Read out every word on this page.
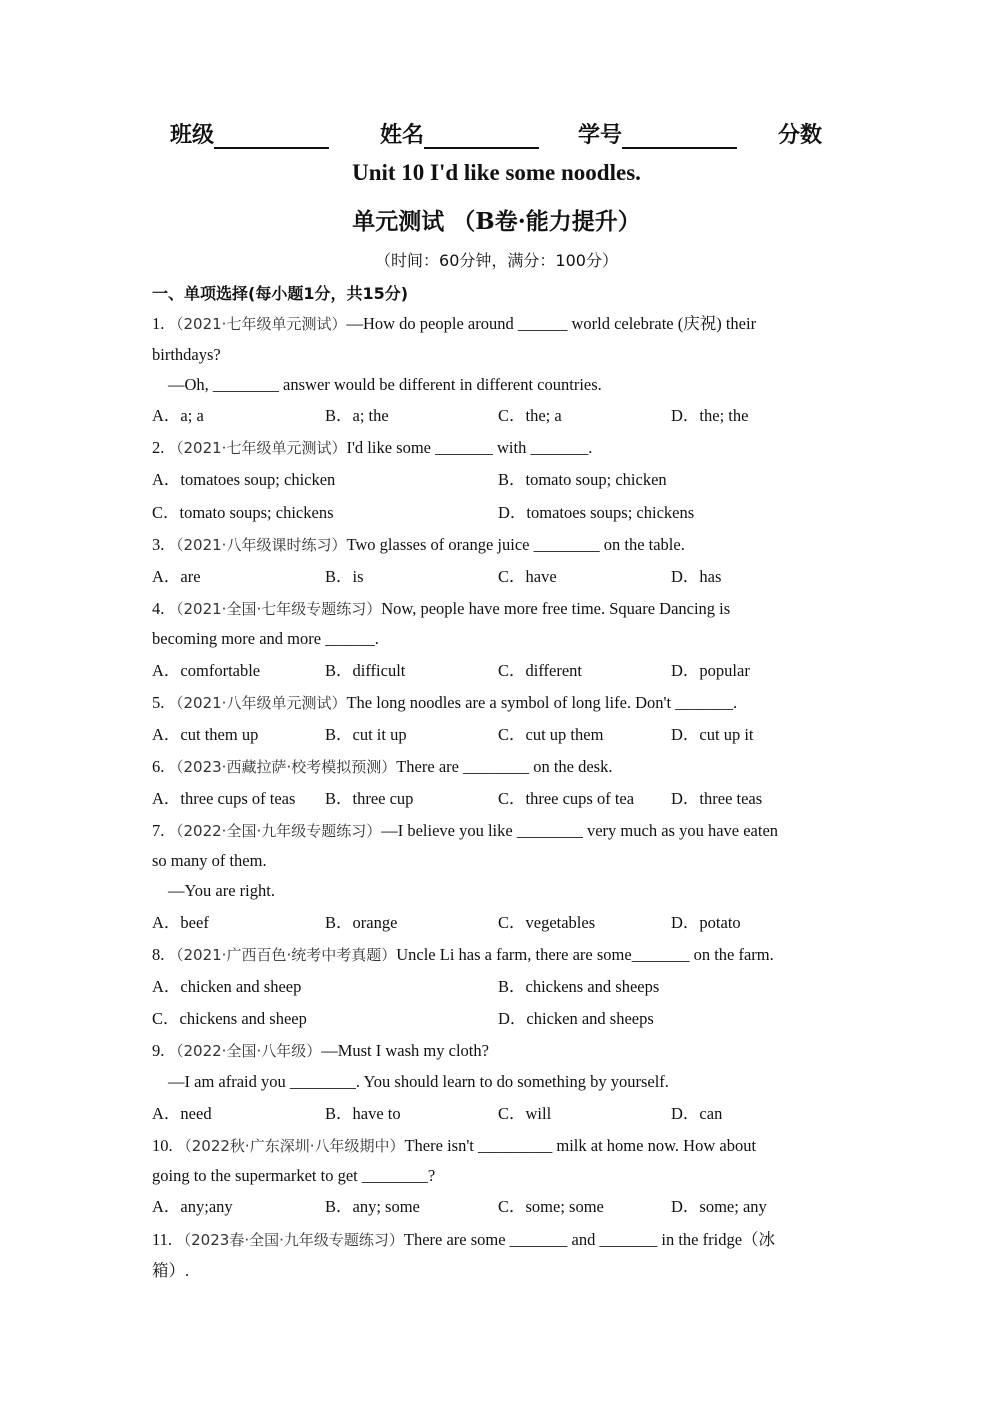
班级	姓名	学号	分数
Unit 10 I'd like some noodles.
单元测试 （B卷·能力提升）
（时间：60分钟，满分：100分）
一、单项选择(每小题1分，共15分)
1. （2021·七年级单元测试）—How do people around ______ world celebrate (庆祝) their
birthdays?
—Oh, ________ answer would be different in different countries.
A．a; a	B．a; the	C．the; a	D．the; the
2. （2021·七年级单元测试）I'd like some _______ with _______.
A．tomatoes soup; chicken	B．tomato soup; chicken
C．tomato soups; chickens	D．tomatoes soups; chickens
3. （2021·八年级课时练习）Two glasses of orange juice ________ on the table.
A．are	B．is	C．have	D．has
4. （2021·全国·七年级专题练习）Now, people have more free time. Square Dancing is
becoming more and more ______.
A．comfortable	B．difficult	C．different	D．popular
5. （2021·八年级单元测试）The long noodles are a symbol of long life. Don't _______.
A．cut them up	B．cut it up	C．cut up them	D．cut up it
6. （2023·西藏拉萨·校考模拟预测）There are ________ on the desk.
A．three cups of teas B．three cup	C．three cups of tea D．three teas
7. （2022·全国·九年级专题练习）—I believe you like ________ very much as you have eaten
so many of them.
—You are right.
A．beef	B．orange	C．vegetables	D．potato
8. （2021·广西百色·统考中考真题）Uncle Li has a farm, there are some_______ on the farm.
A．chicken and sheep	B．chickens and sheeps
C．chickens and sheep	D．chicken and sheeps
9. （2022·全国·八年级）—Must I wash my cloth?
—I am afraid you ________. You should learn to do something by yourself.
A．need	B．have to	C．will	D．can
10. （2022秋·广东深圳·八年级期中）There isn't _________ milk at home now. How about
going to the supermarket to get ________?
A．any;any	B．any; some	C．some; some	D．some; any
11. （2023春·全国·九年级专题练习）There are some _______ and _______ in the fridge（冰
箱）.
